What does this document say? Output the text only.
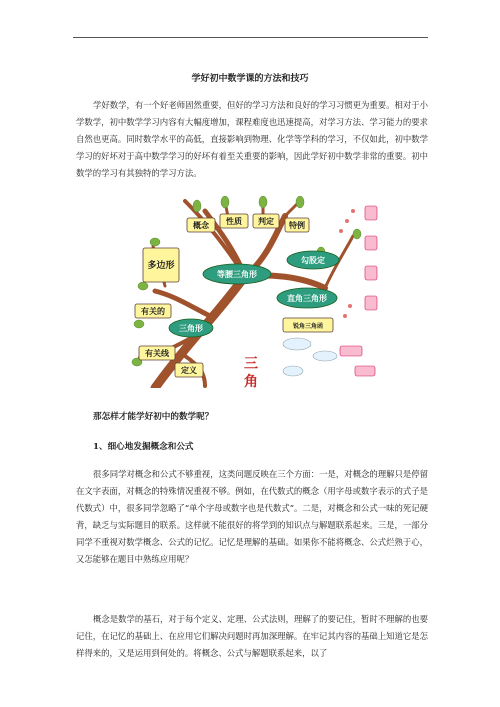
学好初中数学课的方法和技巧

学好数学，有一个好老师固然重要，但好的学习方法和良好的学习习惯更为重要。相对于小学数学，初中数学学习内容有大幅度增加，课程难度也迅速提高，对学习方法、学习能力的要求自然也更高。同时数学水平的高低，直接影响到物理、化学等学科的学习，不仅如此，初中数学学习的好坏对于高中数学学习的好坏有着至关重要的影响，因此学好初中数学非常的重要。初中数学的学习有其独特的学习方法。

概念 性质 判定 特例
多边形
有关的
有关线
定义
锐角三角函
等腰三角形
勾股定
直角三角形
三角形
三
角
那怎样才能学好初中的数学呢？
1、细心地发掘概念和公式

很多同学对概念和公式不够重视，这类问题反映在三个方面：一是，对概念的理解只是停留在文字表面，对概念的特殊情况重视不够。例如，在代数式的概念（用字母或数字表示的式子是代数式）中，很多同学忽略了“单个字母或数字也是代数式”。二是，对概念和公式一味的死记硬背，缺乏与实际题目的联系。这样就不能很好的将学到的知识点与解题联系起来。三是，一部分同学不重视对数学概念、公式的记忆。记忆是理解的基础。如果你不能将概念、公式烂熟于心，又怎能够在题目中熟练应用呢？

概念是数学的基石，对于每个定义、定理、公式法则，理解了的要记住，暂时不理解的也要记住，在记忆的基础上、在应用它们解决问题时再加深理解。在牢记其内容的基础上知道它是怎样得来的，又是运用到何处的。将概念、公式与解题联系起来，以了
